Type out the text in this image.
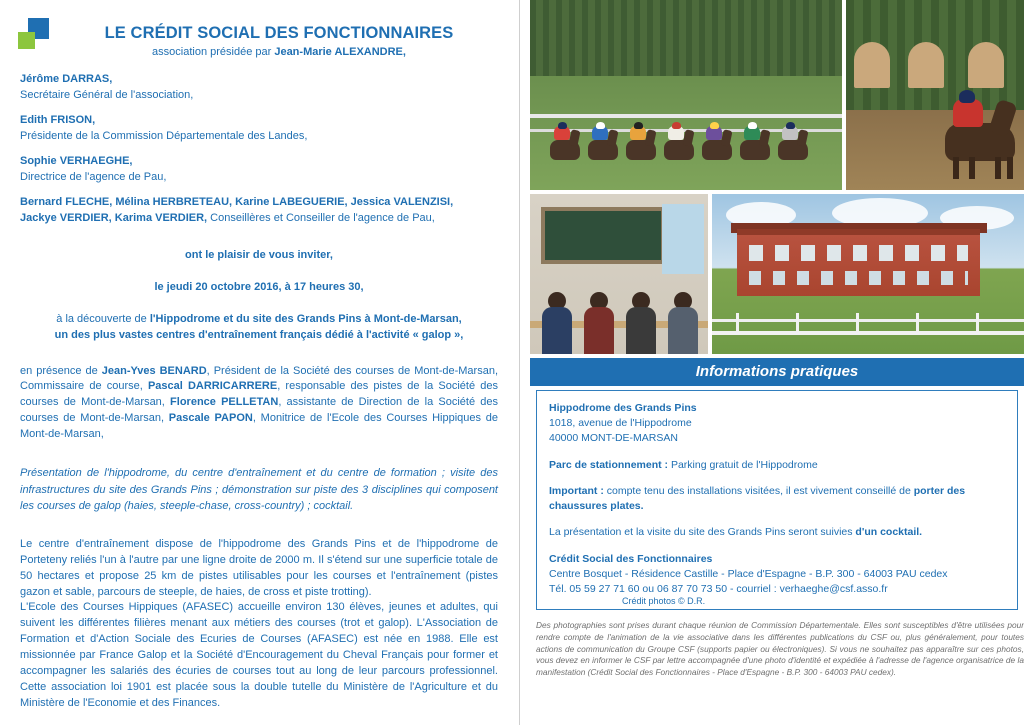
LE CRÉDIT SOCIAL DES FONCTIONNAIRES
association présidée par Jean-Marie ALEXANDRE,
Jérôme DARRAS,
Secrétaire Général de l'association,
Edith FRISON,
Présidente de la Commission Départementale des Landes,
Sophie VERHAEGHE,
Directrice de l'agence de Pau,
Bernard FLECHE, Mélina HERBRETEAU, Karine LABEGUERIE, Jessica VALENZISI,
Jackye VERDIER, Karima VERDIER, Conseillères et Conseiller de l'agence de Pau,
ont le plaisir de vous inviter,
le jeudi 20 octobre 2016, à 17 heures 30,
à la découverte de l'Hippodrome et du site des Grands Pins à Mont-de-Marsan,
un des plus vastes centres d'entraînement français dédié à l'activité « galop »,
en présence de Jean-Yves BENARD, Président de la Société des courses de Mont-de-Marsan, Commissaire de course, Pascal DARRICARRERE, responsable des pistes de la Société des courses de Mont-de-Marsan, Florence PELLETAN, assistante de Direction de la Société des courses de Mont-de-Marsan, Pascale PAPON, Monitrice de l'Ecole des Courses Hippiques de Mont-de-Marsan,
Présentation de l'hippodrome, du centre d'entraînement et du centre de formation ; visite des infrastructures du site des Grands Pins ; démonstration sur piste des 3 disciplines qui composent les courses de galop (haies, steeple-chase, cross-country) ; cocktail.

Le centre d'entraînement dispose de l'hippodrome des Grands Pins et de l'hippodrome de Porteteny reliés l'un à l'autre par une ligne droite de 2000 m. Il s'étend sur une superficie totale de 50 hectares et propose 25 km de pistes utilisables pour les courses et l'entraînement (pistes gazon et sable, parcours de steeple, de haies, de cross et piste trotting).

L'Ecole des Courses Hippiques (AFASEC) accueille environ 130 élèves, jeunes et adultes, qui suivent les différentes filières menant aux métiers des courses (trot et galop). L'Association de Formation et d'Action Sociale des Ecuries de Courses (AFASEC) est née en 1988. Elle est missionnée par France Galop et la Société d'Encouragement du Cheval Français pour former et accompagner les salariés des écuries de courses tout au long de leur parcours professionnel. Cette association loi 1901 est placée sous la double tutelle du Ministère de l'Agriculture et du Ministère de l'Economie et des Finances.

Informations pratiques
Hippodrome des Grands Pins
1018, avenue de l'Hippodrome
40000 MONT-DE-MARSAN
Parc de stationnement : Parking gratuit de l'Hippodrome
Important : compte tenu des installations visitées, il est vivement conseillé de porter des chaussures plates.
La présentation et la visite du site des Grands Pins seront suivies d'un cocktail.
Crédit Social des Fonctionnaires
Centre Bosquet - Résidence Castille - Place d'Espagne - B.P. 300 - 64003 PAU cedex
Tél. 05 59 27 71 60 ou 06 87 70 73 50 - courriel : verhaeghe@csf.asso.fr
Crédit photos © D.R.
Des photographies sont prises durant chaque réunion de Commission Départementale. Elles sont susceptibles d'être utilisées pour rendre compte de l'animation de la vie associative dans les différentes publications du CSF ou, plus généralement, pour toutes actions de communication du Groupe CSF (supports papier ou électroniques). Si vous ne souhaitez pas apparaître sur ces photos, vous devez en informer le CSF par lettre accompagnée d'une photo d'identité et expédiée à l'adresse de l'agence organisatrice de la manifestation (Crédit Social des Fonctionnaires - Place d'Espagne - B.P. 300 - 64003 PAU cedex).
